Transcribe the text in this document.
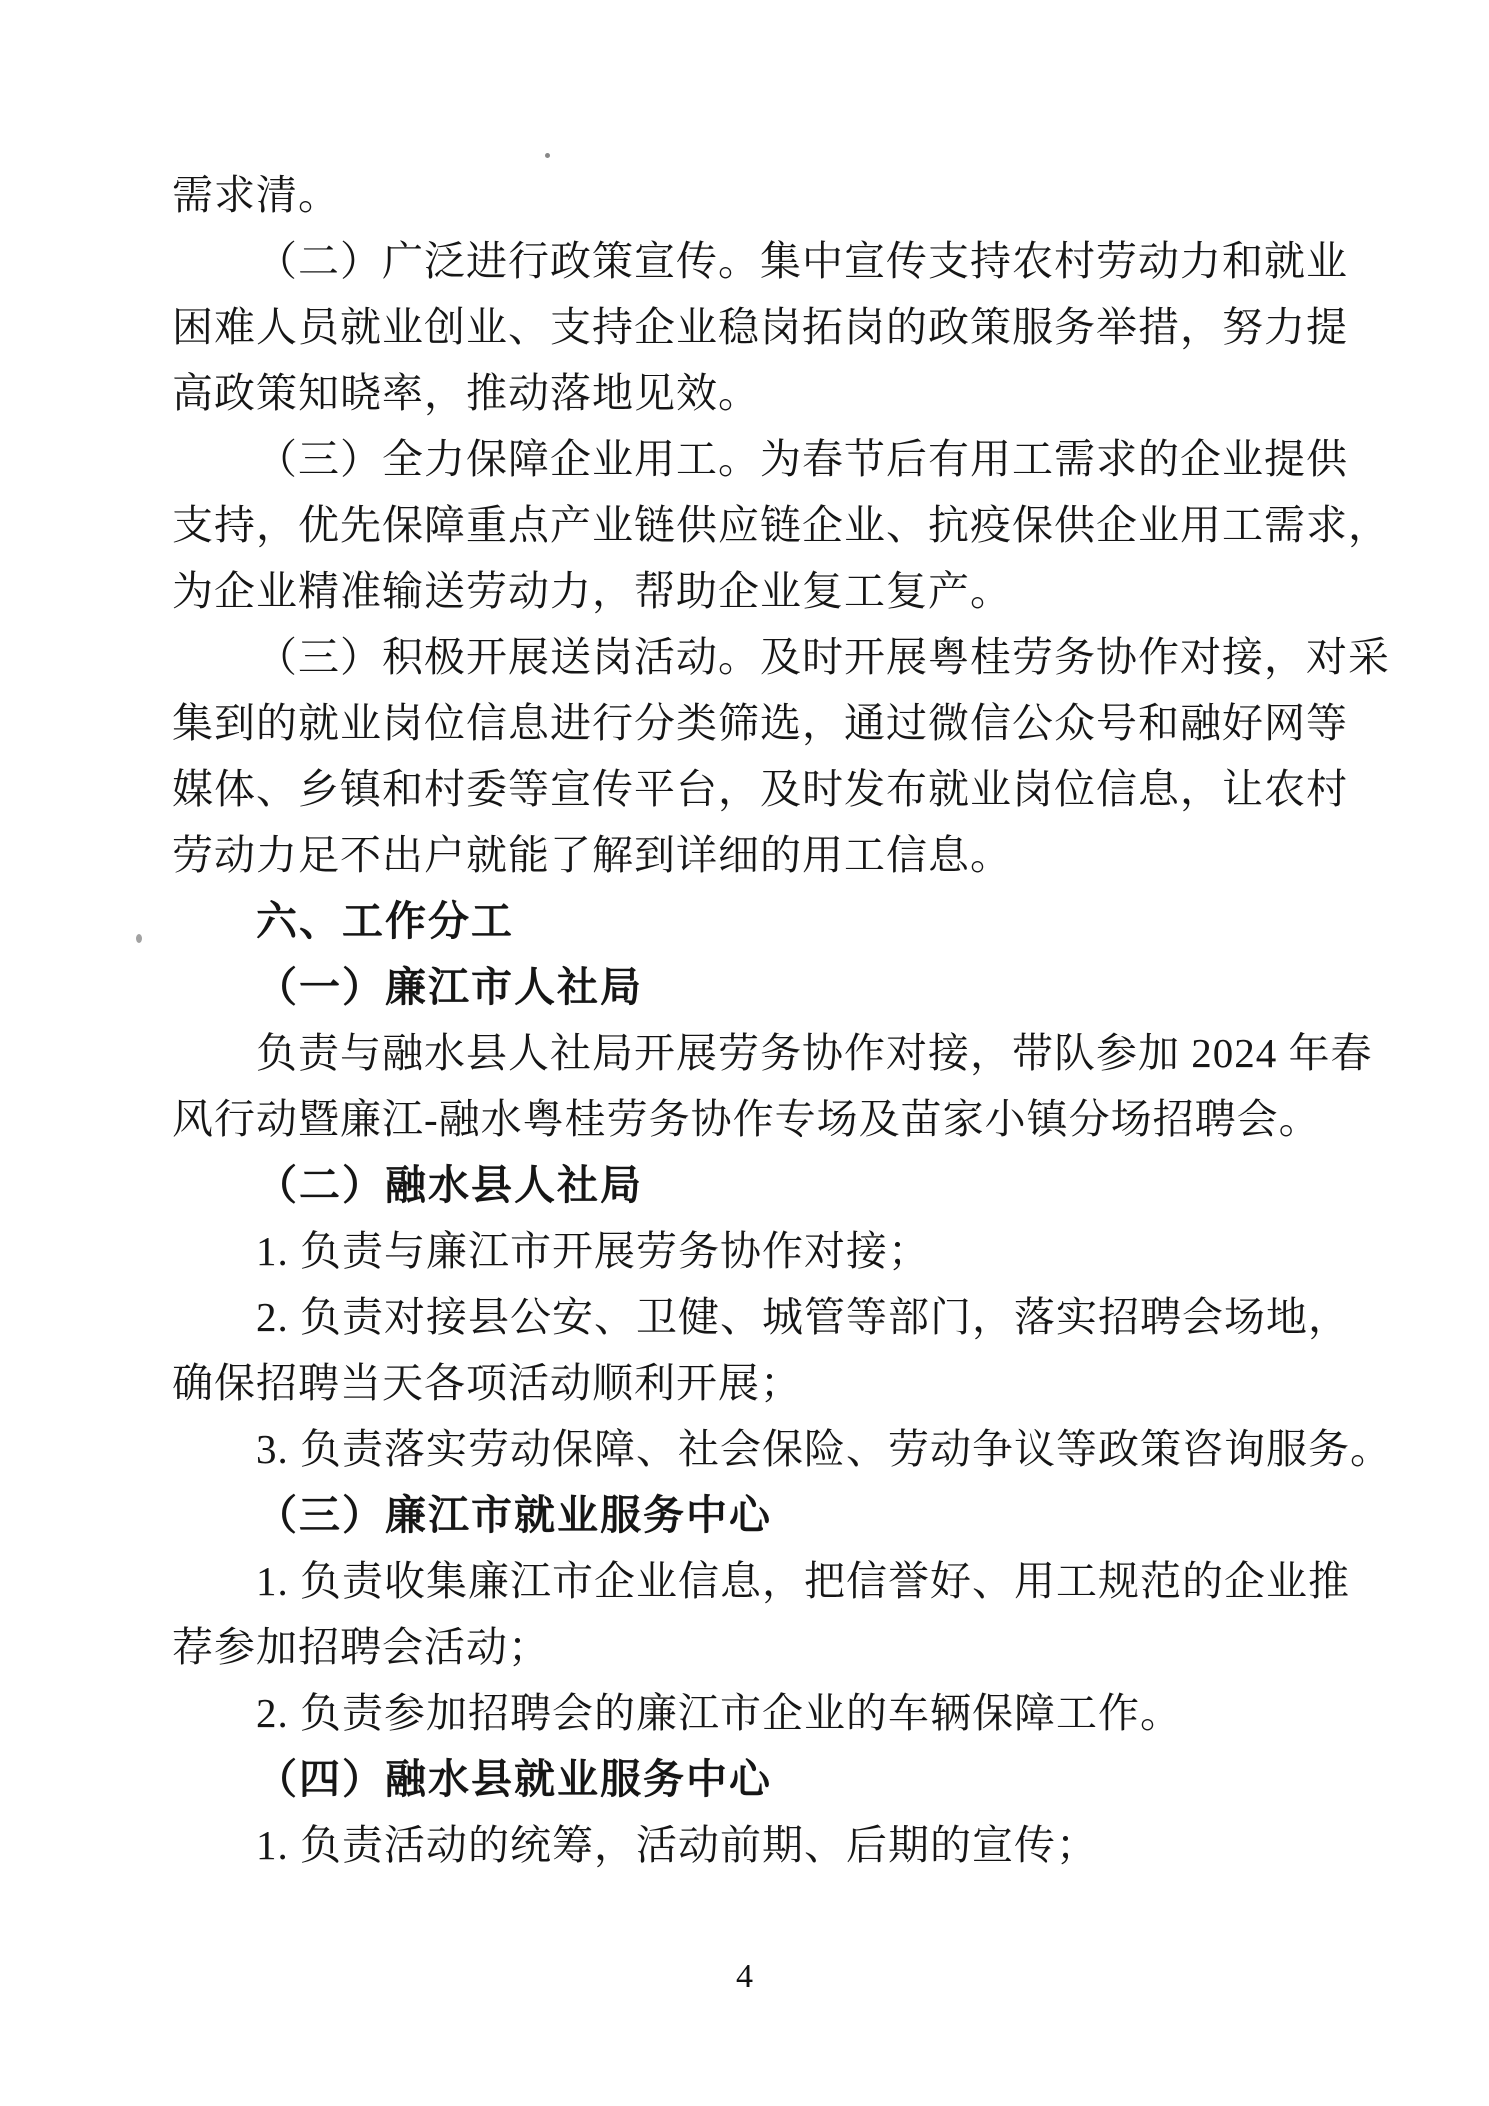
需求清。
（二）广泛进行政策宣传。集中宣传支持农村劳动力和就业
困难人员就业创业、支持企业稳岗拓岗的政策服务举措，努力提
高政策知晓率，推动落地见效。
（三）全力保障企业用工。为春节后有用工需求的企业提供
支持，优先保障重点产业链供应链企业、抗疫保供企业用工需求，
为企业精准输送劳动力，帮助企业复工复产。
（三）积极开展送岗活动。及时开展粤桂劳务协作对接，对采
集到的就业岗位信息进行分类筛选，通过微信公众号和融好网等
媒体、乡镇和村委等宣传平台，及时发布就业岗位信息，让农村
劳动力足不出户就能了解到详细的用工信息。
六、工作分工
（一）廉江市人社局
负责与融水县人社局开展劳务协作对接，带队参加 2024 年春
风行动暨廉江-融水粤桂劳务协作专场及苗家小镇分场招聘会。
（二）融水县人社局
1. 负责与廉江市开展劳务协作对接；
2. 负责对接县公安、卫健、城管等部门，落实招聘会场地，
确保招聘当天各项活动顺利开展；
3. 负责落实劳动保障、社会保险、劳动争议等政策咨询服务。
（三）廉江市就业服务中心
1. 负责收集廉江市企业信息，把信誉好、用工规范的企业推
荐参加招聘会活动；
2. 负责参加招聘会的廉江市企业的车辆保障工作。
（四）融水县就业服务中心
1. 负责活动的统筹，活动前期、后期的宣传；
4
